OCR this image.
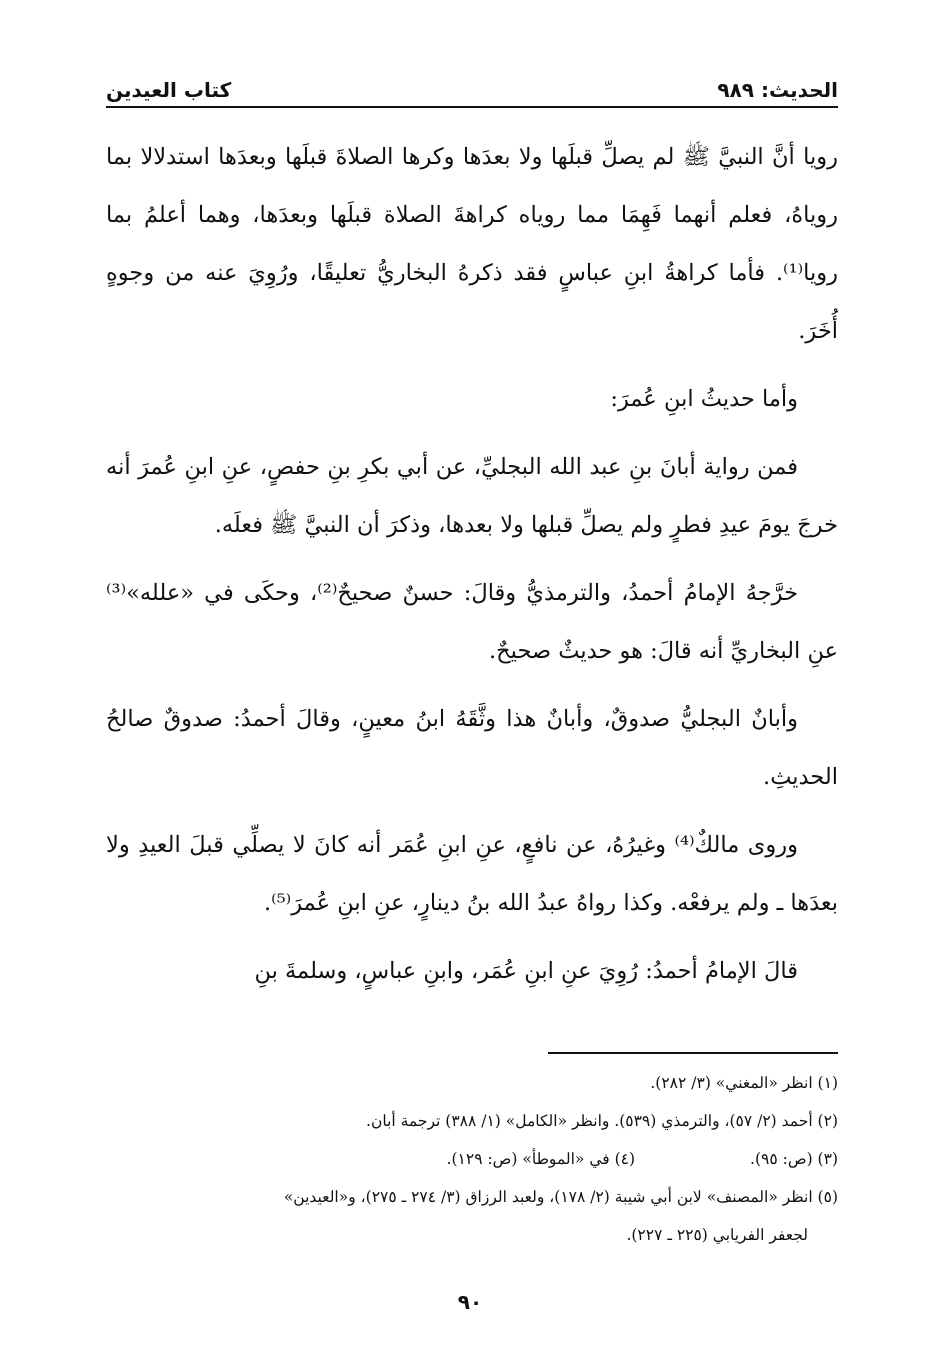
الحديث: ٩٨٩
كتاب العيدين

رويا أنَّ النبيَّ ﷺ لم يصلِّ قبلَها ولا بعدَها وكرها الصلاةَ قبلَها وبعدَها استدلالا بما روياهُ، فعلم أنهما فَهِمَا مما روياه كراهةَ الصلاة قبلَها وبعدَها، وهما أعلمُ بما رويا⁽¹⁾. فأما كراهةُ ابنِ عباسٍ فقد ذكرهُ البخاريُّ تعليقًا، ورُوِيَ عنه من وجوهٍ أُخَرَ.

وأما حديثُ ابنِ عُمرَ:

فمن رواية أبانَ بنِ عبد الله البجليِّ، عن أبي بكرِ بنِ حفصٍ، عنِ ابنِ عُمرَ أنه خرجَ يومَ عيدِ فطرٍ ولم يصلِّ قبلها ولا بعدها، وذكرَ أن النبيَّ ﷺ فعلَه.

خرَّجهُ الإمامُ أحمدُ، والترمذيُّ وقالَ: حسنٌ صحيحٌ⁽²⁾، وحكَى في «علله»⁽³⁾ عنِ البخاريِّ أنه قالَ: هو حديثٌ صحيحٌ.

وأبانٌ البجليُّ صدوقٌ، وأبانٌ هذا وثَّقَهُ ابنُ معينٍ، وقالَ أحمدُ: صدوقٌ صالحُ الحديثِ.

وروى مالكٌ⁽⁴⁾ وغيرُهُ، عن نافعٍ، عنِ ابنِ عُمَر أنه كانَ لا يصلِّي قبلَ العيدِ ولا بعدَها ـ ولم يرفعْه. وكذا رواهُ عبدُ الله بنُ دينارٍ، عنِ ابنِ عُمرَ⁽⁵⁾.

قالَ الإمامُ أحمدُ: رُوِيَ عنِ ابنِ عُمَر، وابنِ عباسٍ، وسلمةَ بنِ

(١) انظر «المغني» (٣/ ٢٨٢).

(٢) أحمد (٢/ ٥٧)، والترمذي (٥٣٩). وانظر «الكامل» (١/ ٣٨٨) ترجمة أبان.

(٣) (ص: ٩٥).
(٤) في «الموطأ» (ص: ١٢٩).

(٥) انظر «المصنف» لابن أبي شيبة (٢/ ١٧٨)، ولعبد الرزاق (٣/ ٢٧٤ ـ ٢٧٥)، و«العيدين»

لجعفر الفريابي (٢٢٥ ـ ٢٢٧).

٩٠
